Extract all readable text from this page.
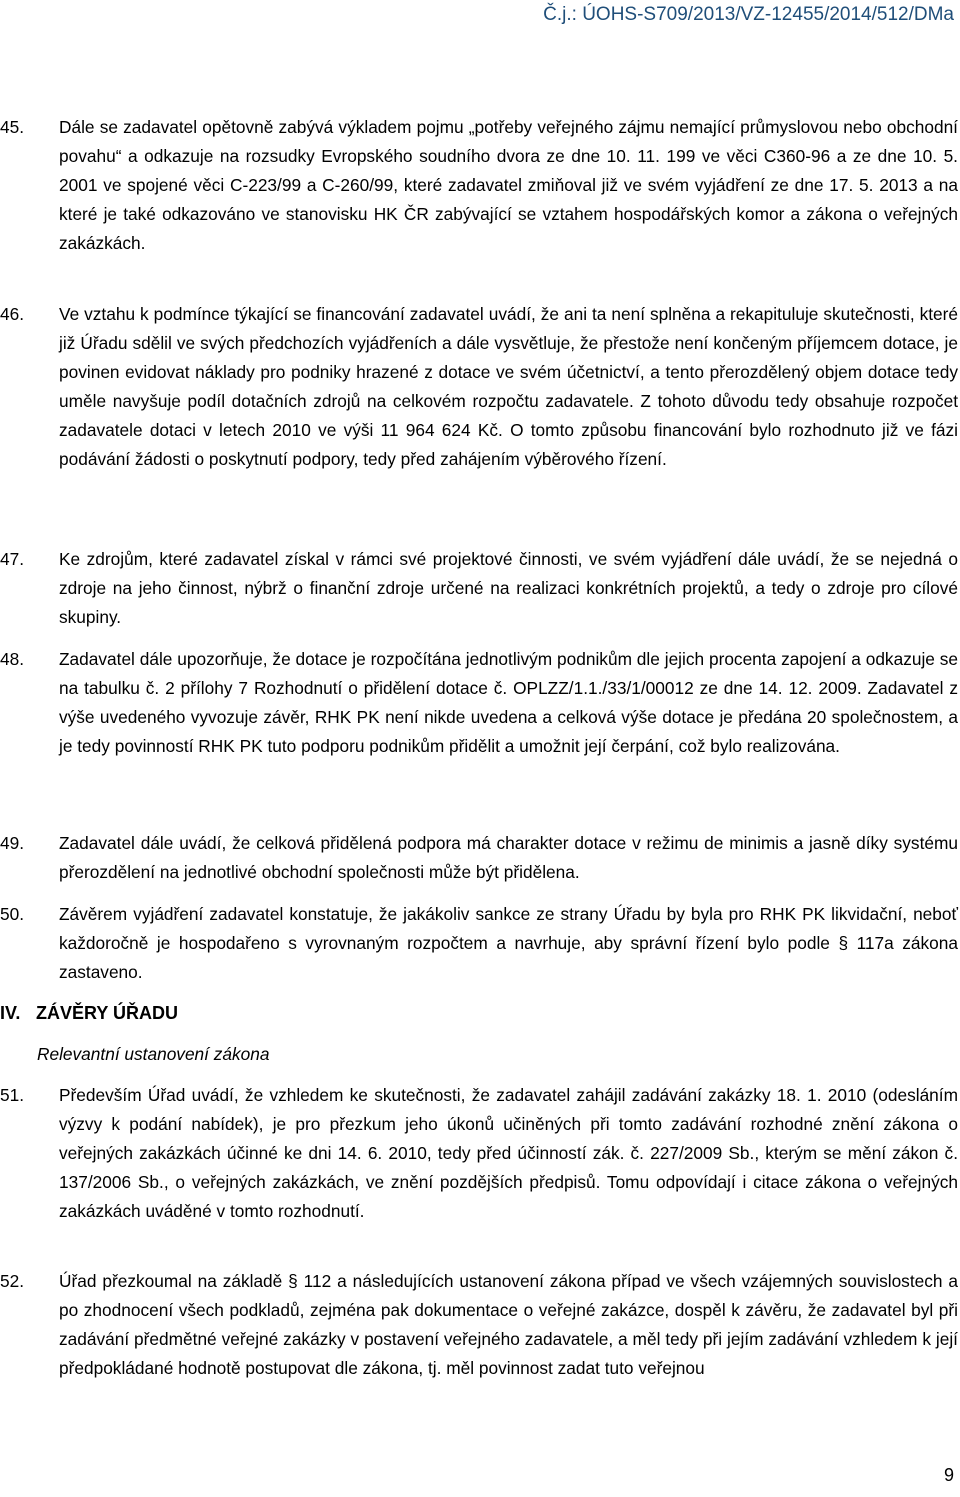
Č.j.: ÚOHS-S709/2013/VZ-12455/2014/512/DMa
45.	Dále se zadavatel opětovně zabývá výkladem pojmu „potřeby veřejného zájmu nemající průmyslovou nebo obchodní povahu“ a odkazuje na rozsudky Evropského soudního dvora ze dne 10. 11. 199 ve věci C360-96 a ze dne 10. 5. 2001 ve spojené věci C-223/99 a C-260/99, které zadavatel zmiňoval již ve svém vyjádření ze dne 17. 5. 2013 a na které je také odkazováno ve stanovisku HK ČR zabývající se vztahem hospodářských komor a zákona o veřejných zakázkách.
46.	Ve vztahu k podmínce týkající se financování zadavatel uvádí, že ani ta není splněna a rekapituluje skutečnosti, které již Úřadu sdělil ve svých předchozích vyjádřeních a dále vysvětluje, že přestože není končeným příjemcem dotace, je povinen evidovat náklady pro podniky hrazené z dotace ve svém účetnictví, a tento přerozdělený objem dotace tedy uměle navyšuje podíl dotačních zdrojů na celkovém rozpočtu zadavatele. Z tohoto důvodu tedy obsahuje rozpočet zadavatele dotaci v letech 2010 ve výši 11 964 624 Kč. O tomto způsobu financování bylo rozhodnuto již ve fázi podávání žádosti o poskytnutí podpory, tedy před zahájením výběrového řízení.
47.	Ke zdrojům, které zadavatel získal v rámci své projektové činnosti, ve svém vyjádření dále uvádí, že se nejedná o zdroje na jeho činnost, nýbrž o finanční zdroje určené na realizaci konkrétních projektů, a tedy o zdroje pro cílové skupiny.
48.	Zadavatel dále upozorňuje, že dotace je rozpočítána jednotlivým podnikům dle jejich procenta zapojení a odkazuje se na tabulku č. 2 přílohy 7 Rozhodnutí o přidělení dotace č. OPLZZ/1.1./33/1/00012 ze dne 14. 12. 2009. Zadavatel z výše uvedeného vyvozuje závěr, RHK PK není nikde uvedena a celková výše dotace je předána 20 společnostem, a je tedy povinností RHK PK tuto podporu podnikům přidělit a umožnit její čerpání, což bylo realizována.
49.	Zadavatel dále uvádí, že celková přidělená podpora má charakter dotace v režimu de minimis a jasně díky systému přerozdělení na jednotlivé obchodní společnosti může být přidělena.
50.	Závěrem vyjádření zadavatel konstatuje, že jakákoliv sankce ze strany Úřadu by byla pro RHK PK likvidační, neboť každoročně je hospodařeno s vyrovnaným rozpočtem a navrhuje, aby správní řízení bylo podle § 117a zákona zastaveno.
IV. ZÁVĚRY ÚŘADU
Relevantní ustanovení zákona
51.	Především Úřad uvádí, že vzhledem ke skutečnosti, že zadavatel zahájil zadávání zakázky 18. 1. 2010 (odesláním výzvy k podání nabídek), je pro přezkum jeho úkonů učiněných při tomto zadávání rozhodné znění zákona o veřejných zakázkách účinné ke dni 14. 6. 2010, tedy před účinností zák. č. 227/2009 Sb., kterým se mění zákon č. 137/2006 Sb., o veřejných zakázkách, ve znění pozdějších předpisů. Tomu odpovídají i citace zákona o veřejných zakázkách uváděné v tomto rozhodnutí.
52.	Úřad přezkoumal na základě § 112 a následujících ustanovení zákona případ ve všech vzájemných souvislostech a po zhodnocení všech podkladů, zejména pak dokumentace o veřejné zakázce, dospěl k závěru, že zadavatel byl při zadávání předmětné veřejné zakázky v postavení veřejného zadavatele, a měl tedy při jejím zadávání vzhledem k její předpokládané hodnotě postupovat dle zákona, tj. měl povinnost zadat tuto veřejnou
9
